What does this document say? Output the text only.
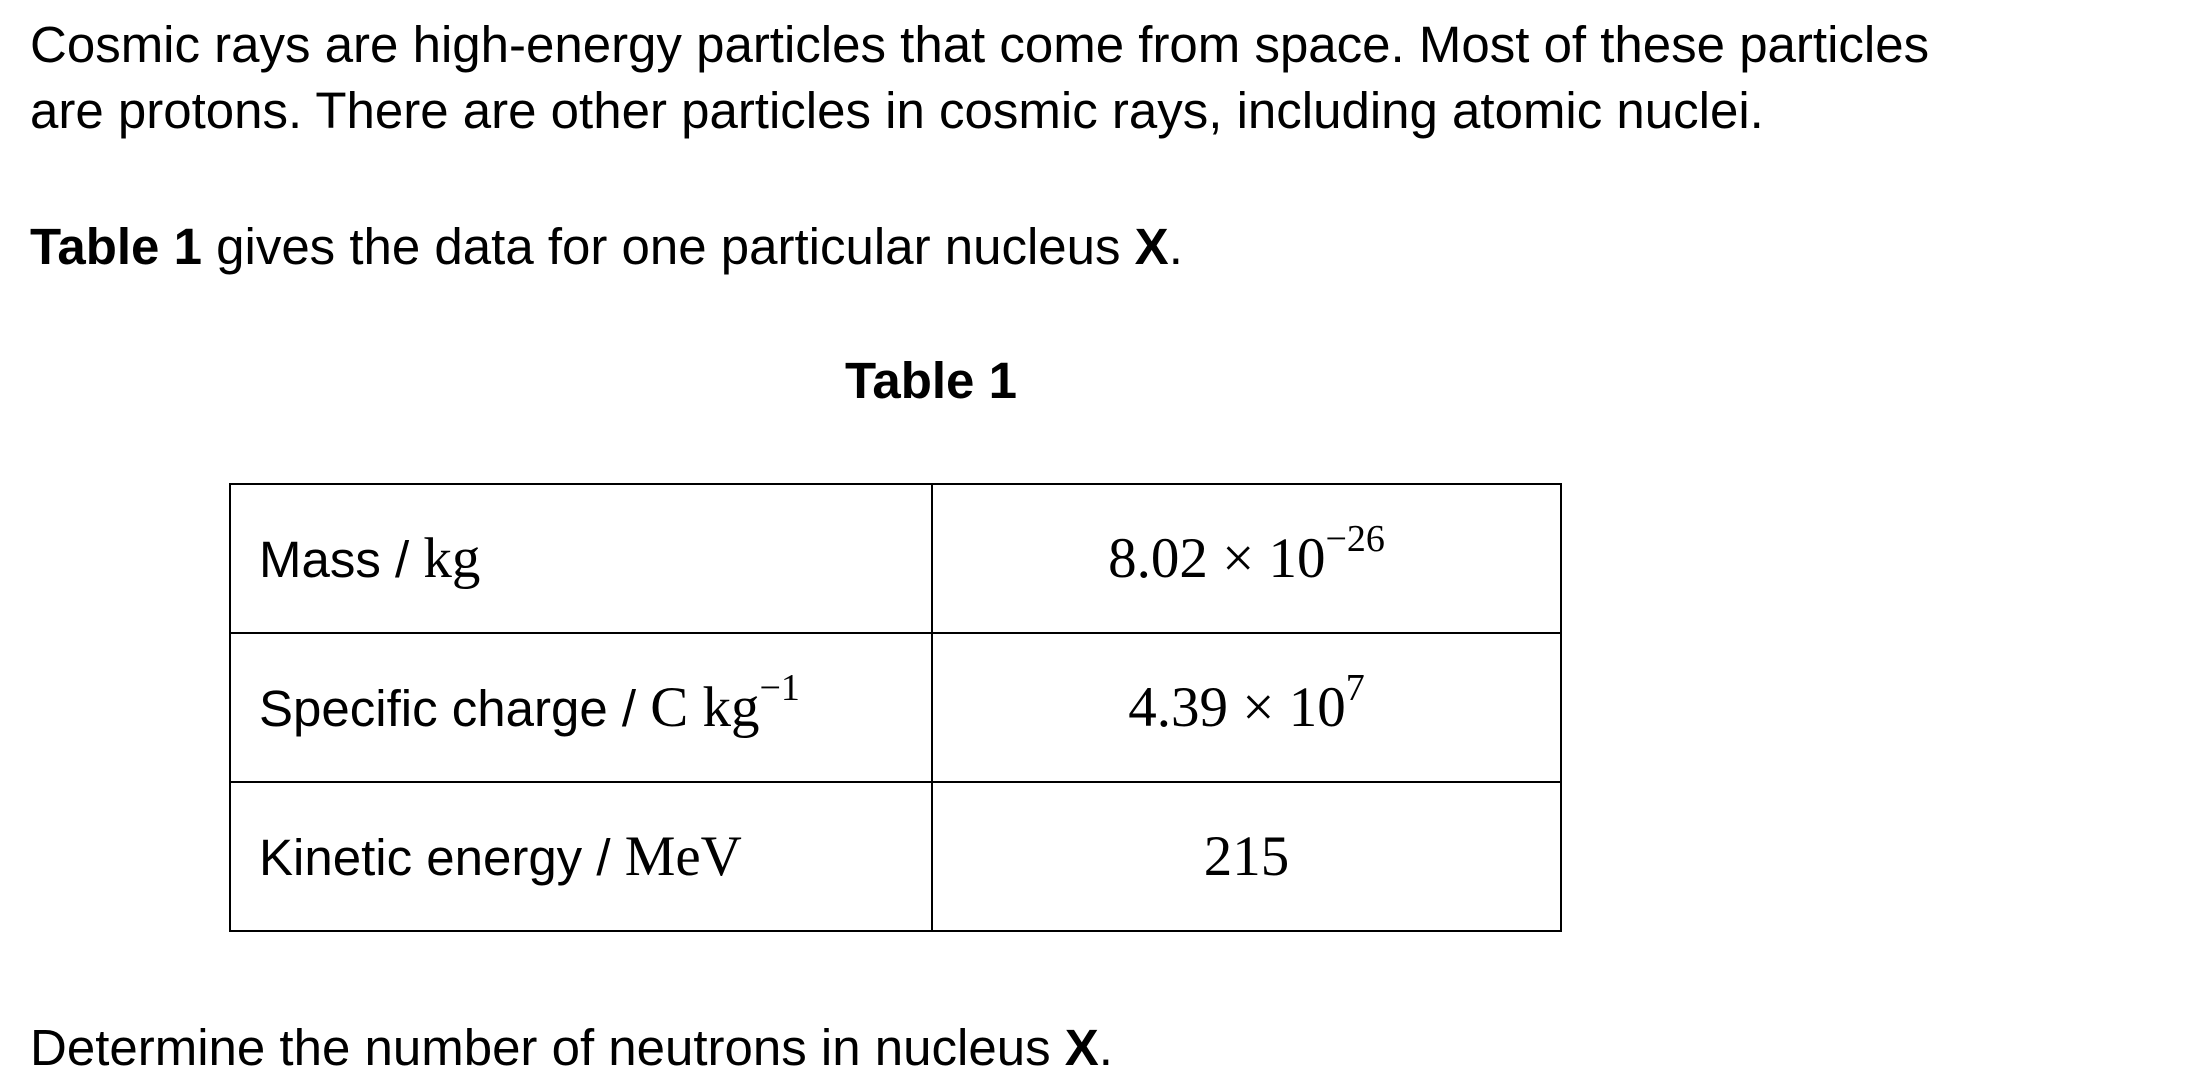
Cosmic rays are high-energy particles that come from space. Most of these particles
are protons. There are other particles in cosmic rays, including atomic nuclei.

Table 1 gives the data for one particular nucleus X.

Table 1
Mass / kg	$8.02 \times 10^{-26}$
Specific charge / C $kg^{-1}$	$4.39 \times 10^7$
Kinetic energy / MeV	215

Determine the number of neutrons in nucleus X.
